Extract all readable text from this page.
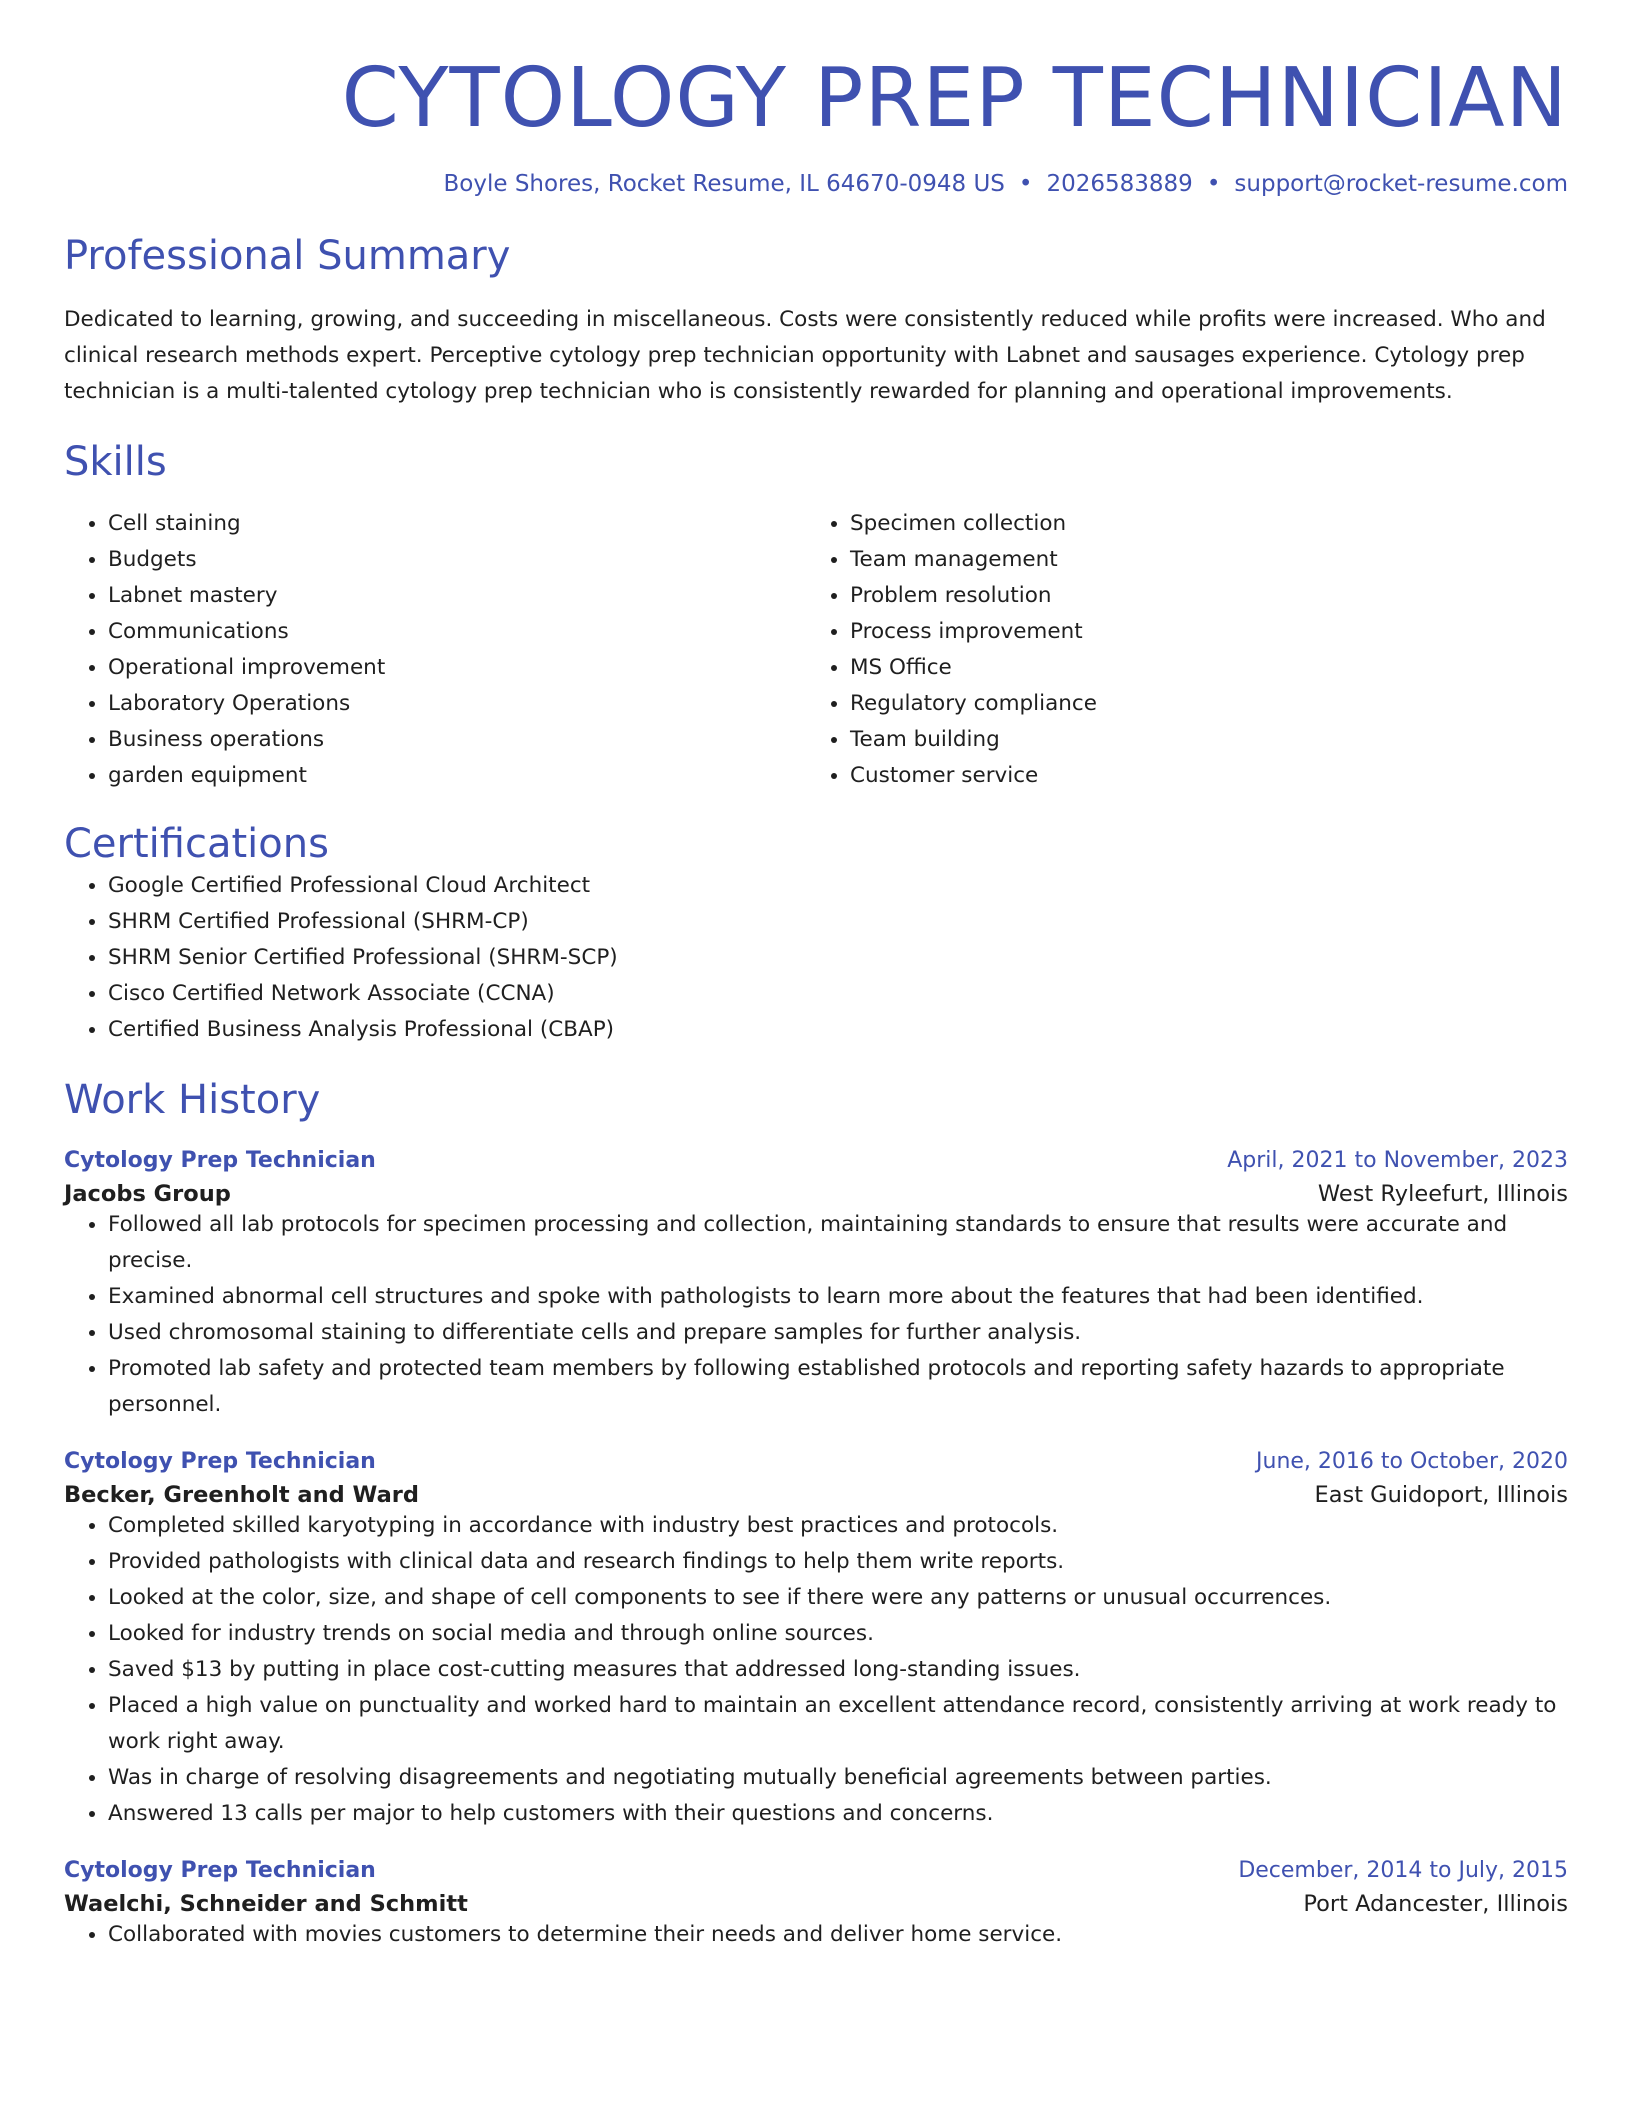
CYTOLOGY PREP TECHNICIAN
Boyle Shores, Rocket Resume, IL 64670-0948 US • 2026583889 • support@rocket-resume.com
Professional Summary

Dedicated to learning, growing, and succeeding in miscellaneous. Costs were consistently reduced while profits were increased. Who and clinical research methods expert. Perceptive cytology prep technician opportunity with Labnet and sausages experience. Cytology prep technician is a multi-talented cytology prep technician who is consistently rewarded for planning and operational improvements.

Skills
• Cell staining
• Budgets
• Labnet mastery
• Communications
• Operational improvement
• Laboratory Operations
• Business operations
• garden equipment
• Specimen collection
• Team management
• Problem resolution
• Process improvement
• MS Office
• Regulatory compliance
• Team building
• Customer service
Certifications
• Google Certified Professional Cloud Architect
• SHRM Certified Professional (SHRM-CP)
• SHRM Senior Certified Professional (SHRM-SCP)
• Cisco Certified Network Associate (CCNA)
• Certified Business Analysis Professional (CBAP)
Work History
Cytology Prep Technician	April, 2021 to November, 2023
Jacobs Group	West Ryleefurt, Illinois
• Followed all lab protocols for specimen processing and collection, maintaining standards to ensure that results were accurate and precise.
• Examined abnormal cell structures and spoke with pathologists to learn more about the features that had been identified.
• Used chromosomal staining to differentiate cells and prepare samples for further analysis.
• Promoted lab safety and protected team members by following established protocols and reporting safety hazards to appropriate personnel.
Cytology Prep Technician	June, 2016 to October, 2020
Becker, Greenholt and Ward	East Guidoport, Illinois
• Completed skilled karyotyping in accordance with industry best practices and protocols.
• Provided pathologists with clinical data and research findings to help them write reports.
• Looked at the color, size, and shape of cell components to see if there were any patterns or unusual occurrences.
• Looked for industry trends on social media and through online sources.
• Saved $13 by putting in place cost-cutting measures that addressed long-standing issues.
• Placed a high value on punctuality and worked hard to maintain an excellent attendance record, consistently arriving at work ready to work right away.
• Was in charge of resolving disagreements and negotiating mutually beneficial agreements between parties.
• Answered 13 calls per major to help customers with their questions and concerns.
Cytology Prep Technician	December, 2014 to July, 2015
Waelchi, Schneider and Schmitt	Port Adancester, Illinois
• Collaborated with movies customers to determine their needs and deliver home service.
